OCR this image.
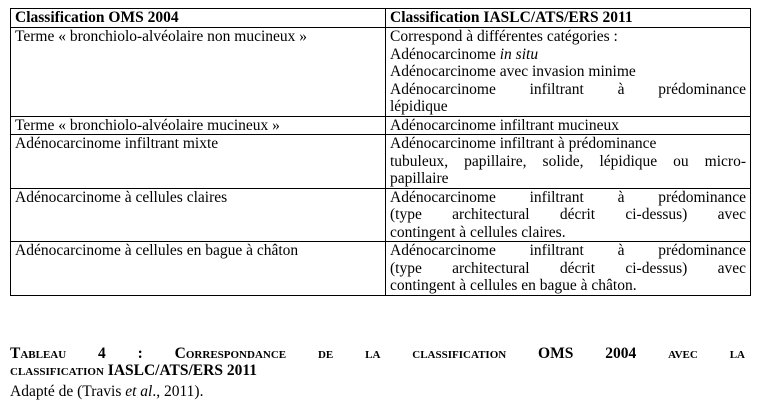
Classification OMS 2004	Classification IASLC/ATS/ERS 2011
Terme « bronchiolo-alvéolaire non mucineux »	Correspond à différentes catégories :
Adénocarcinome in situ
Adénocarcinome avec invasion minime
Adénocarcinome infiltrant à prédominance
lépidique

Terme « bronchiolo-alvéolaire mucineux »	Adénocarcinome infiltrant mucineux
Adénocarcinome infiltrant mixte	Adénocarcinome infiltrant à prédominance
tubuleux, papillaire, solide, lépidique ou micro-
papillaire

Adénocarcinome à cellules claires	Adénocarcinome infiltrant à prédominance
(type architectural décrit ci-dessus) avec
contingent à cellules claires.

Adénocarcinome à cellules en bague à châton	Adénocarcinome infiltrant à prédominance
(type architectural décrit ci-dessus) avec
contingent à cellules en bague à châton.
Tableau 4 : Correspondance de la classification OMS 2004 avec la
classification IASLC/ATS/ERS 2011
Adapté de (Travis et al., 2011).
